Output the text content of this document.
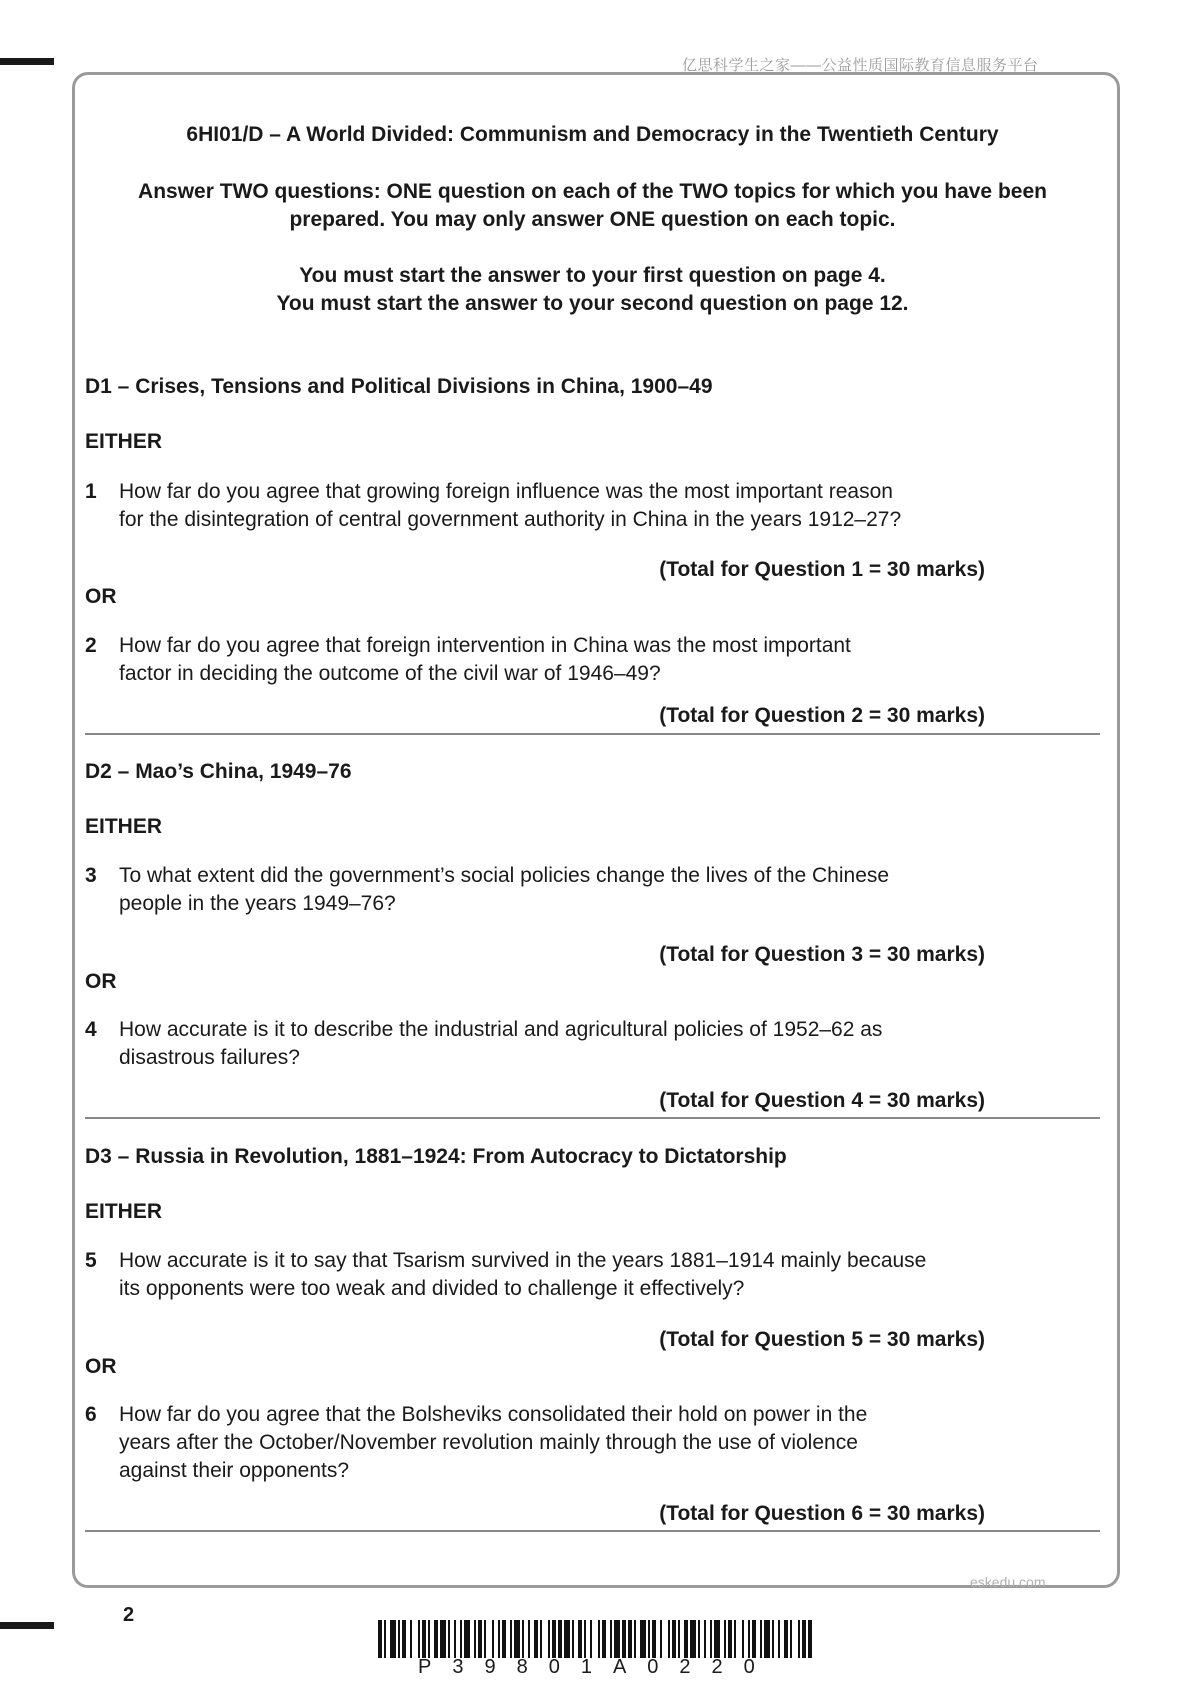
亿思科学生之家——公益性质国际教育信息服务平台
6HI01/D – A World Divided: Communism and Democracy in the Twentieth Century
Answer TWO questions: ONE question on each of the TWO topics for which you have been
prepared. You may only answer ONE question on each topic.
You must start the answer to your first question on page 4.
You must start the answer to your second question on page 12.
D1 – Crises, Tensions and Political Divisions in China, 1900–49
EITHER
1 How far do you agree that growing foreign influence was the most important reason
for the disintegration of central government authority in China in the years 1912–27?
(Total for Question 1 = 30 marks)
OR
2 How far do you agree that foreign intervention in China was the most important
factor in deciding the outcome of the civil war of 1946–49?
(Total for Question 2 = 30 marks)
D2 – Mao’s China, 1949–76
EITHER
3 To what extent did the government’s social policies change the lives of the Chinese
people in the years 1949–76?
(Total for Question 3 = 30 marks)
OR
4 How accurate is it to describe the industrial and agricultural policies of 1952–62 as
disastrous failures?
(Total for Question 4 = 30 marks)
D3 – Russia in Revolution, 1881–1924: From Autocracy to Dictatorship
EITHER
5 How accurate is it to say that Tsarism survived in the years 1881–1914 mainly because
its opponents were too weak and divided to challenge it effectively?
(Total for Question 5 = 30 marks)
OR
6 How far do you agree that the Bolsheviks consolidated their hold on power in the
years after the October/November revolution mainly through the use of violence
against their opponents?
(Total for Question 6 = 30 marks)
eskedu.com
2
P39801A0220
